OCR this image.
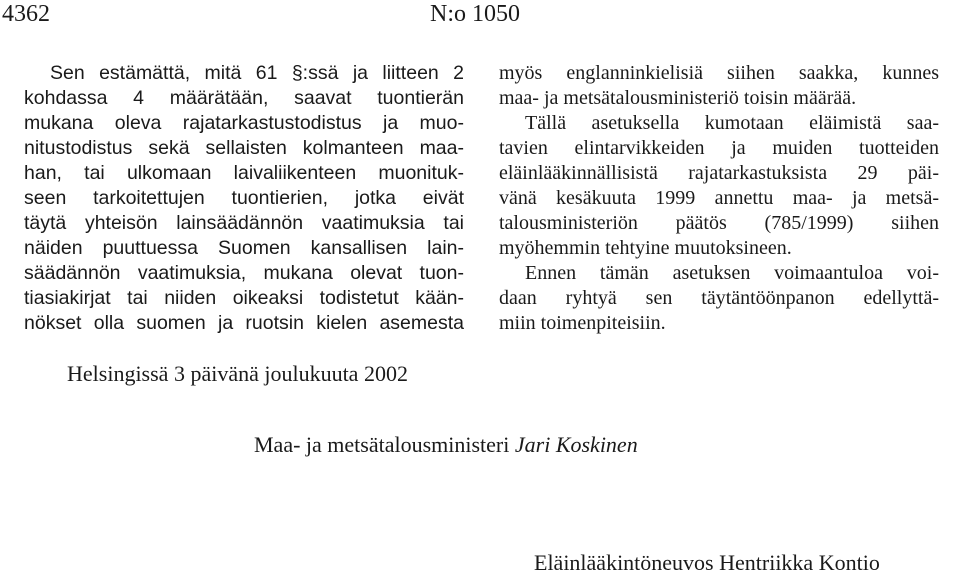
4362	N:o 1050
Sen estämättä, mitä 61 §:ssä ja liitteen 2
kohdassa 4 määrätään, saavat tuontierän
mukana oleva rajatarkastustodistus ja muo-
nitustodistus sekä sellaisten kolmanteen maa-
han, tai ulkomaan laivaliikenteen muonituk-
seen tarkoitettujen tuontierien, jotka eivät
täytä yhteisön lainsäädännön vaatimuksia tai
näiden puuttuessa Suomen kansallisen lain-
säädännön vaatimuksia, mukana olevat tuon-
tiasiakirjat tai niiden oikeaksi todistetut kään-
nökset olla suomen ja ruotsin kielen asemesta
myös englanninkielisiä siihen saakka, kunnes
maa- ja metsätalousministeriö toisin määrää.
Tällä asetuksella kumotaan eläimistä saa-
tavien elintarvikkeiden ja muiden tuotteiden
eläinlääkinnällisistä rajatarkastuksista 29 päi-
vänä kesäkuuta 1999 annettu maa- ja metsä-
talousministeriön päätös (785/1999) siihen
myöhemmin tehtyine muutoksineen.
Ennen tämän asetuksen voimaantuloa voi-
daan ryhtyä sen täytäntöönpanon edellyttä-
miin toimenpiteisiin.
Helsingissä 3 päivänä joulukuuta 2002
Maa- ja metsätalousministeri Jari Koskinen
Eläinlääkintöneuvos Hentriikka Kontio
